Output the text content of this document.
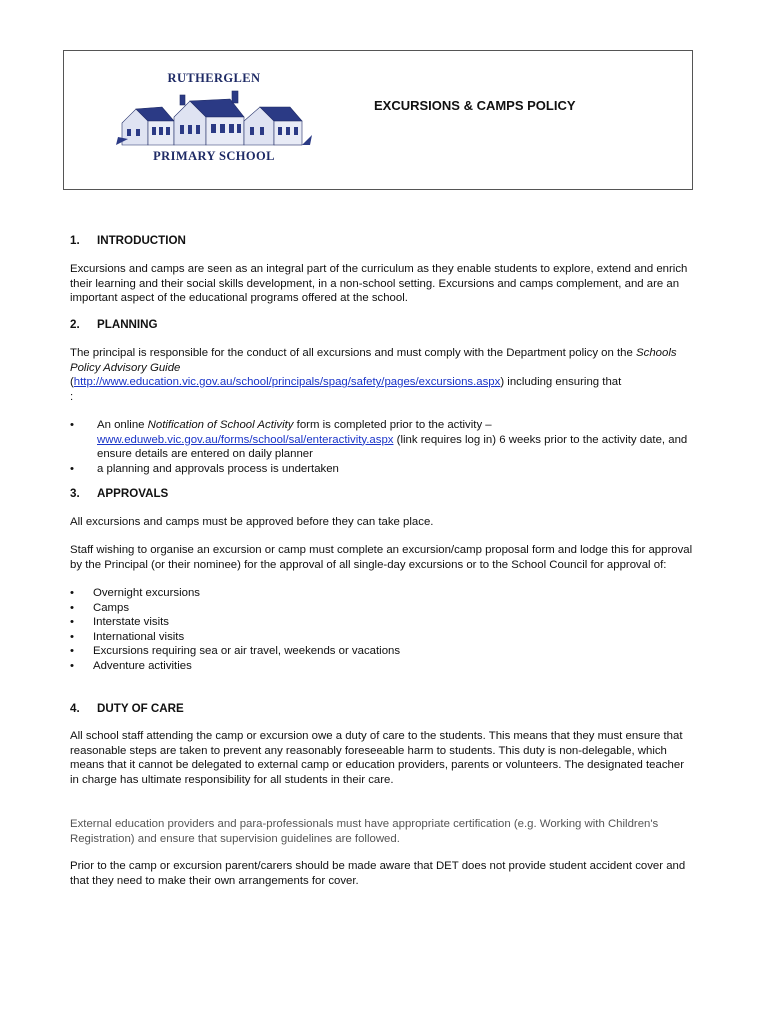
RUTHERGLEN
PRIMARY SCHOOL
EXCURSIONS & CAMPS POLICY
1. INTRODUCTION

Excursions and camps are seen as an integral part of the curriculum as they enable students to explore, extend and enrich their learning and their social skills development, in a non-school setting. Excursions and camps complement, and are an important aspect of the educational programs offered at the school.

2. PLANNING

The principal is responsible for the conduct of all excursions and must comply with the Department policy on the Schools Policy Advisory Guide
(http://www.education.vic.gov.au/school/principals/spag/safety/pages/excursions.aspx) including ensuring that
:

• An online Notification of School Activity form is completed prior to the activity –
www.eduweb.vic.gov.au/forms/school/sal/enteractivity.aspx (link requires log in) 6 weeks prior to the activity date, and ensure details are entered on daily planner
• a planning and approvals process is undertaken
3. APPROVALS

All excursions and camps must be approved before they can take place.

Staff wishing to organise an excursion or camp must complete an excursion/camp proposal form and lodge this for approval by the Principal (or their nominee) for the approval of all single-day excursions or to the School Council for approval of:

• Overnight excursions
• Camps
• Interstate visits
• International visits
• Excursions requiring sea or air travel, weekends or vacations
• Adventure activities
4. DUTY OF CARE

All school staff attending the camp or excursion owe a duty of care to the students. This means that they must ensure that reasonable steps are taken to prevent any reasonably foreseeable harm to students. This duty is non-delegable, which means that it cannot be delegated to external camp or education providers, parents or volunteers. The designated teacher in charge has ultimate responsibility for all students in their care.

External education providers and para-professionals must have appropriate certification (e.g. Working with Children's Registration) and ensure that supervision guidelines are followed.

Prior to the camp or excursion parent/carers should be made aware that DET does not provide student accident cover and that they need to make their own arrangements for cover.
